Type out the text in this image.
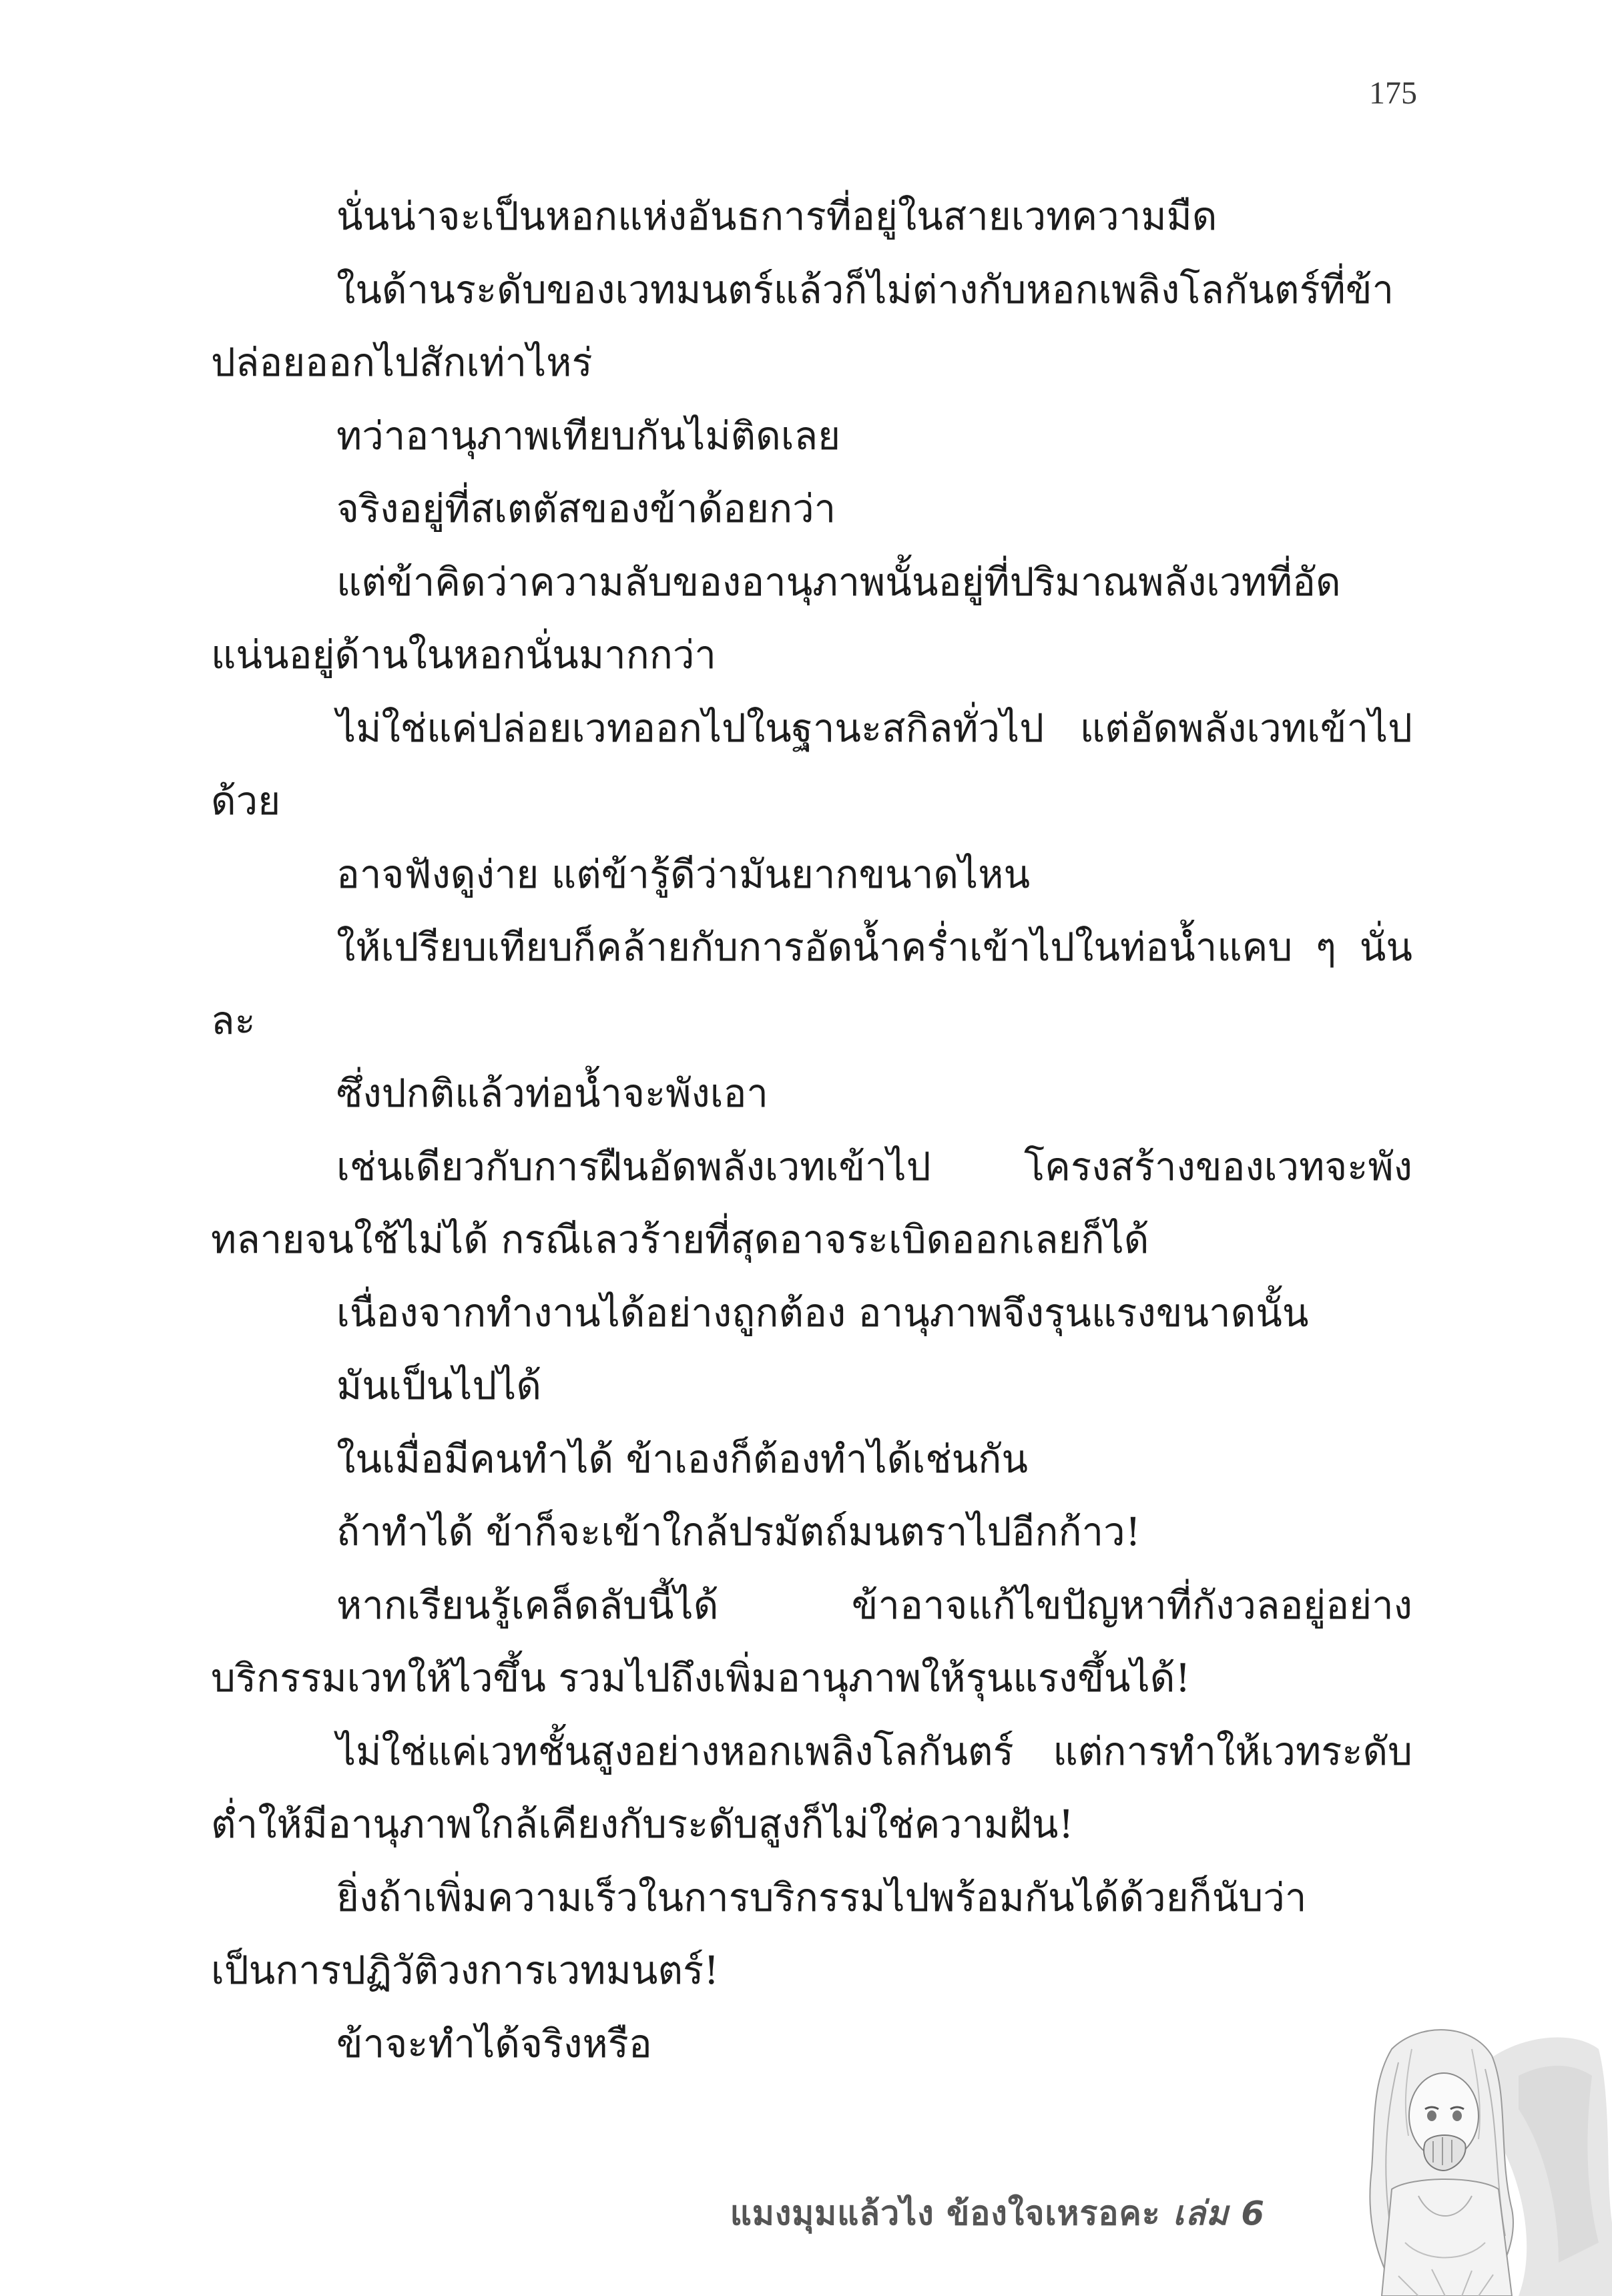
175

นั่นน่าจะเป็นหอกแห่งอันธการที่อยู่ในสายเวทความมืด

ในด้านระดับของเวทมนตร์แล้วก็ไม่ต่างกับหอกเพลิงโลกันตร์ที่ข้าปล่อยออกไปสักเท่าไหร่

ทว่าอานุภาพเทียบกันไม่ติดเลย

จริงอยู่ที่สเตตัสของข้าด้อยกว่า

แต่ข้าคิดว่าความลับของอานุภาพนั้นอยู่ที่ปริมาณพลังเวทที่อัดแน่นอยู่ด้านในหอกนั่นมากกว่า

ไม่ใช่แค่ปล่อยเวทออกไปในฐานะสกิลทั่วไป แต่อัดพลังเวทเข้าไปด้วย

อาจฟังดูง่าย แต่ข้ารู้ดีว่ามันยากขนาดไหน

ให้เปรียบเทียบก็คล้ายกับการอัดน้ำคร่ำเข้าไปในท่อน้ำแคบ ๆ นั่นละ

ซึ่งปกติแล้วท่อน้ำจะพังเอา

เช่นเดียวกับการฝืนอัดพลังเวทเข้าไป โครงสร้างของเวทจะพังทลายจนใช้ไม่ได้ กรณีเลวร้ายที่สุดอาจระเบิดออกเลยก็ได้

เนื่องจากทำงานได้อย่างถูกต้อง อานุภาพจึงรุนแรงขนาดนั้น

มันเป็นไปได้

ในเมื่อมีคนทำได้ ข้าเองก็ต้องทำได้เช่นกัน

ถ้าทำได้ ข้าก็จะเข้าใกล้ปรมัตถ์มนตราไปอีกก้าว!

หากเรียนรู้เคล็ดลับนี้ได้ ข้าอาจแก้ไขปัญหาที่กังวลอยู่อย่างบริกรรมเวทให้ไวขึ้น รวมไปถึงเพิ่มอานุภาพให้รุนแรงขึ้นได้!

ไม่ใช่แค่เวทชั้นสูงอย่างหอกเพลิงโลกันตร์ แต่การทำให้เวทระดับต่ำให้มีอานุภาพใกล้เคียงกับระดับสูงก็ไม่ใช่ความฝัน!

ยิ่งถ้าเพิ่มความเร็วในการบริกรรมไปพร้อมกันได้ด้วยก็นับว่าเป็นการปฏิวัติวงการเวทมนตร์!

ข้าจะทำได้จริงหรือ

แมงมุมแล้วไง ข้องใจเหรอคะ เล่ม 6
